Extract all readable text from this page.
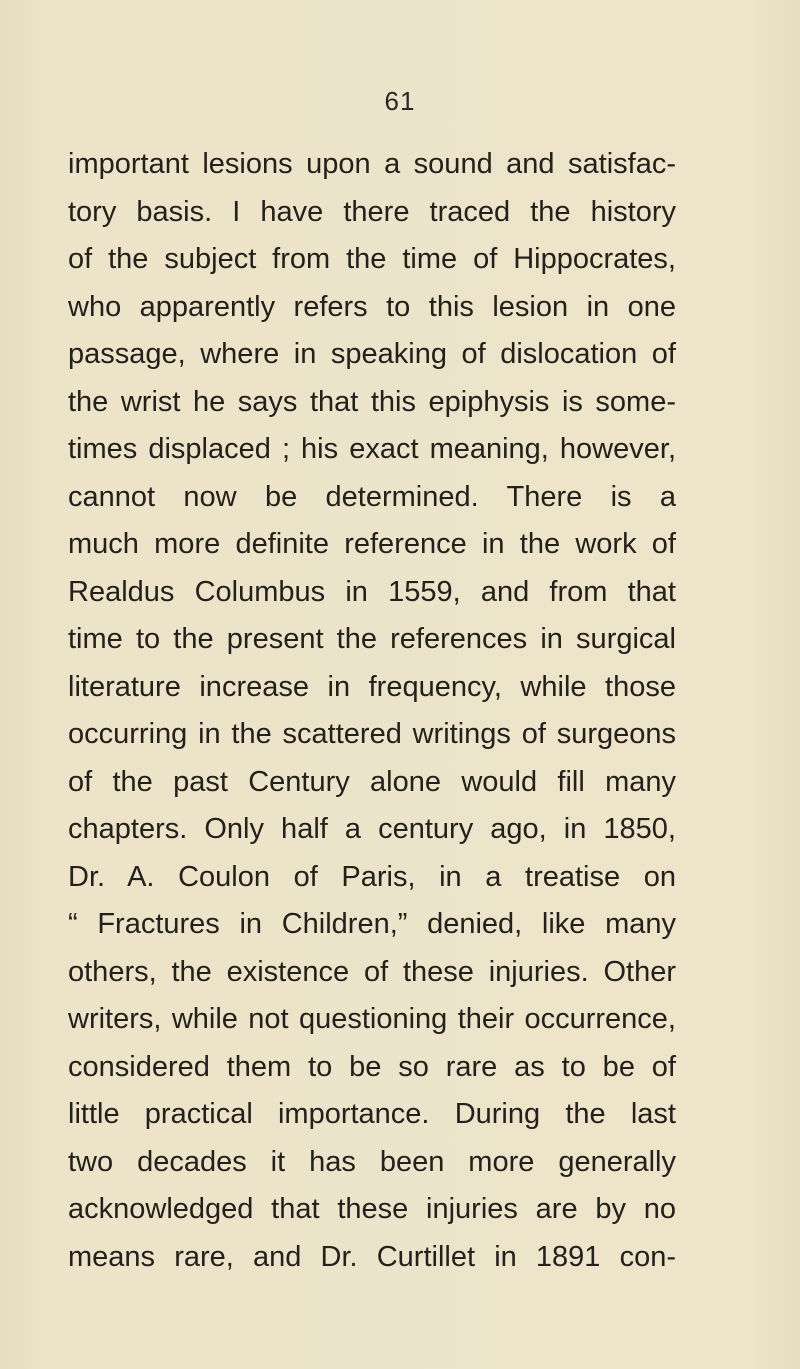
61
important lesions upon a sound and satisfac-
tory basis. I have there traced the history
of the subject from the time of Hippocrates,
who apparently refers to this lesion in one
passage, where in speaking of dislocation of
the wrist he says that this epiphysis is some-
times displaced ; his exact meaning, however,
cannot now be determined. There is a
much more definite reference in the work of
Realdus Columbus in 1559, and from that
time to the present the references in surgical
literature increase in frequency, while those
occurring in the scattered writings of surgeons
of the past Century alone would fill many
chapters. Only half a century ago, in 1850,
Dr. A. Coulon of Paris, in a treatise on
“ Fractures in Children,” denied, like many
others, the existence of these injuries. Other
writers, while not questioning their occurrence,
considered them to be so rare as to be of
little practical importance. During the last
two decades it has been more generally
acknowledged that these injuries are by no
means rare, and Dr. Curtillet in 1891 con-
